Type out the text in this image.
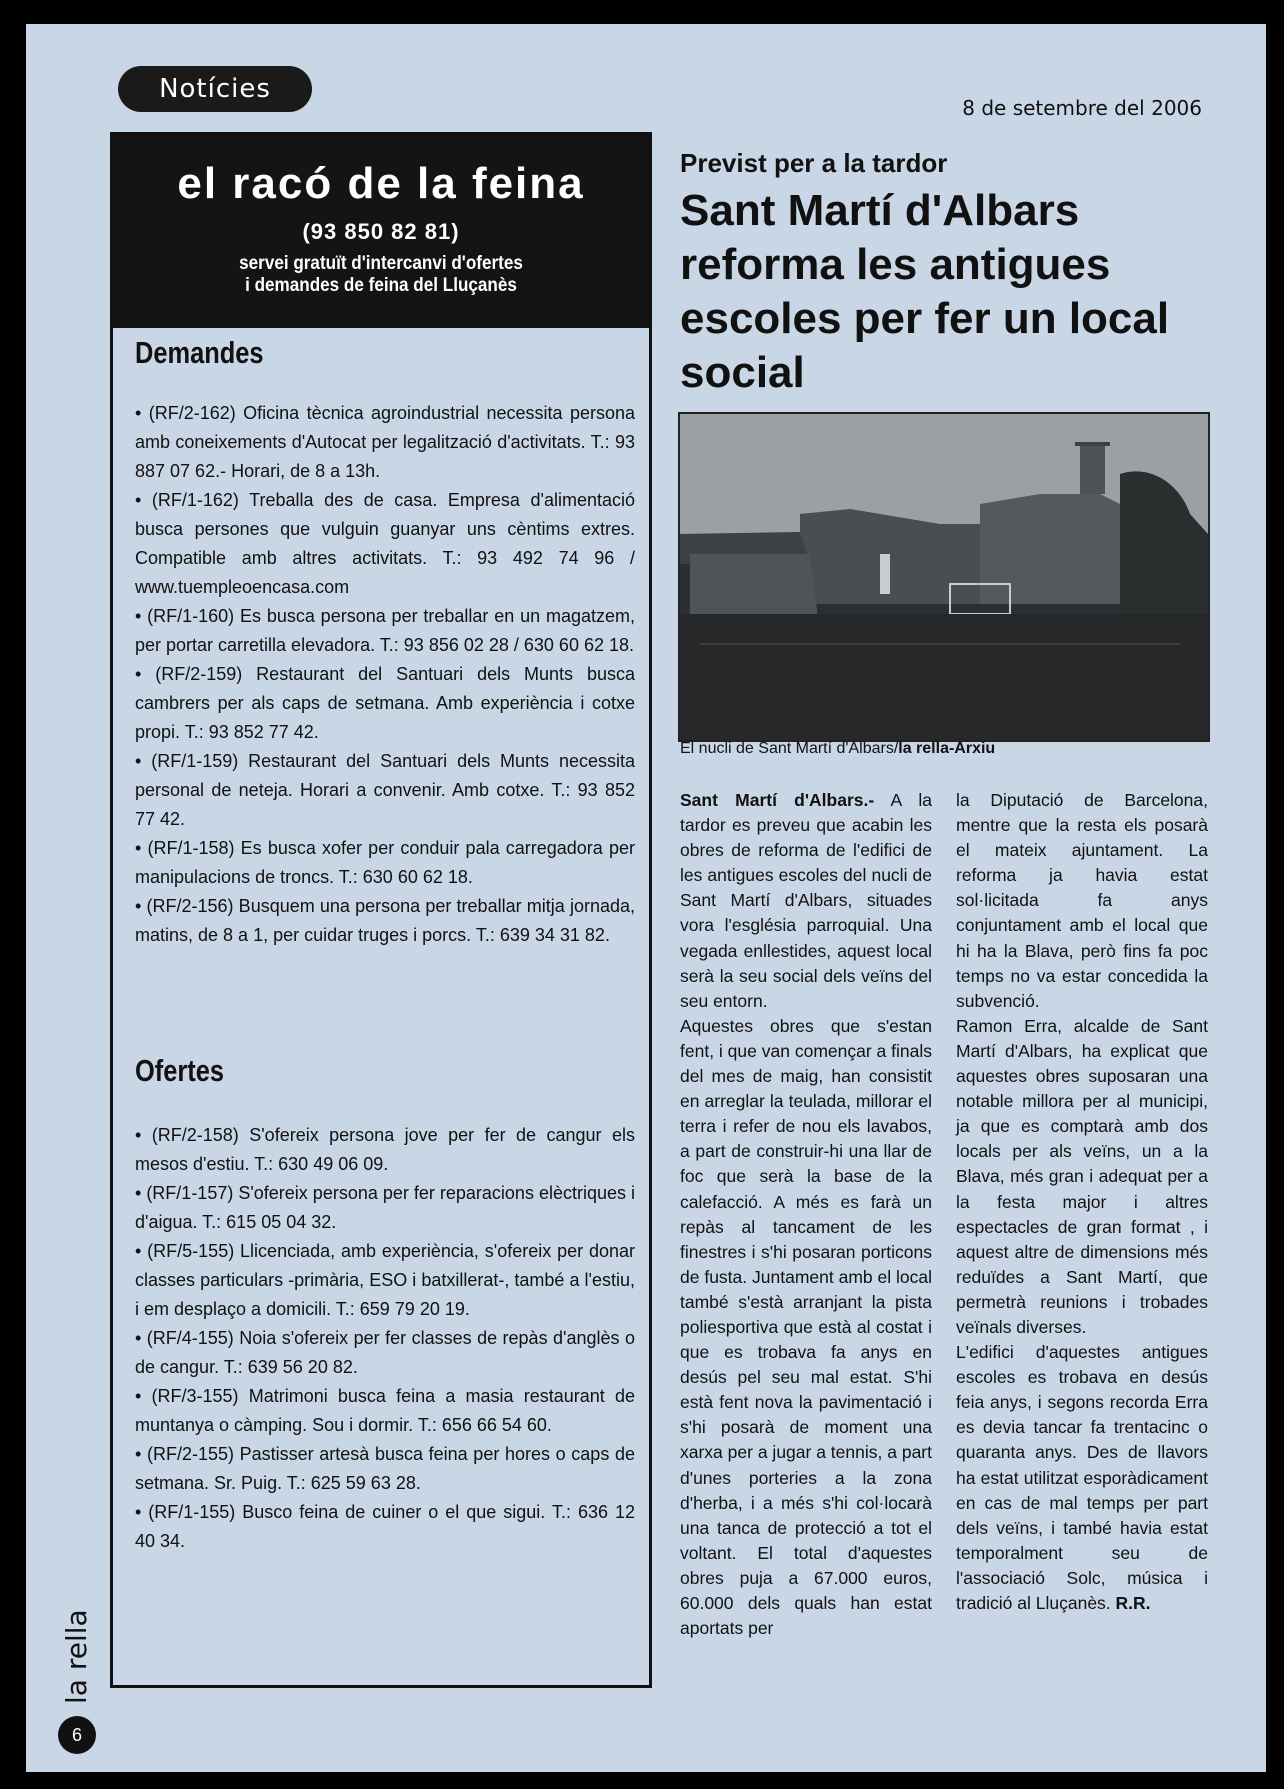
Notícies
8 de setembre del 2006
el racó de la feina
(93 850 82 81)
servei gratuït d'intercanvi d'ofertes
i demandes de feina del Lluçanès
Demandes

• (RF/2-162) Oficina tècnica agroindustrial necessita persona amb coneixements d'Autocat per legalització d'activitats. T.: 93 887 07 62.- Horari, de 8 a 13h.

• (RF/1-162) Treballa des de casa. Empresa d'alimentació busca persones que vulguin guanyar uns cèntims extres. Compatible amb altres activitats. T.: 93 492 74 96 / www.tuempleoencasa.com

• (RF/1-160) Es busca persona per treballar en un magatzem, per portar carretilla elevadora. T.: 93 856 02 28 / 630 60 62 18.

• (RF/2-159) Restaurant del Santuari dels Munts busca cambrers per als caps de setmana. Amb experiència i cotxe propi. T.: 93 852 77 42.

• (RF/1-159) Restaurant del Santuari dels Munts necessita personal de neteja. Horari a convenir. Amb cotxe. T.: 93 852 77 42.

• (RF/1-158) Es busca xofer per conduir pala carregadora per manipulacions de troncs. T.: 630 60 62 18.

• (RF/2-156) Busquem una persona per treballar mitja jornada, matins, de 8 a 1, per cuidar truges i porcs. T.: 639 34 31 82.

Ofertes

• (RF/2-158) S'ofereix persona jove per fer de cangur els mesos d'estiu. T.: 630 49 06 09.

• (RF/1-157) S'ofereix persona per fer reparacions elèctriques i d'aigua. T.: 615 05 04 32.

• (RF/5-155) Llicenciada, amb experiència, s'ofereix per donar classes particulars -primària, ESO i batxillerat-, també a l'estiu, i em desplaço a domicili. T.: 659 79 20 19.

• (RF/4-155) Noia s'ofereix per fer classes de repàs d'anglès o de cangur. T.: 639 56 20 82.

• (RF/3-155) Matrimoni busca feina a masia restaurant de muntanya o càmping. Sou i dormir. T.: 656 66 54 60.

• (RF/2-155) Pastisser artesà busca feina per hores o caps de setmana. Sr. Puig. T.: 625 59 63 28.

• (RF/1-155) Busco feina de cuiner o el que sigui. T.: 636 12 40 34.

Previst per a la tardor
Sant Martí d'Albars reforma les antigues escoles per fer un local social
El nucli de Sant Martí d'Albars/la rella-Arxiu

Sant Martí d'Albars.- A la tardor es preveu que acabin les obres de reforma de l'edifici de les antigues escoles del nucli de Sant Martí d'Albars, situades vora l'església parroquial. Una vegada enllestides, aquest local serà la seu social dels veïns del seu entorn.

Aquestes obres que s'estan fent, i que van començar a finals del mes de maig, han consistit en arreglar la teulada, millorar el terra i refer de nou els lavabos, a part de construir-hi una llar de foc que serà la base de la calefacció. A més es farà un repàs al tancament de les finestres i s'hi posaran porticons de fusta. Juntament amb el local també s'està arranjant la pista poliesportiva que està al costat i que es trobava fa anys en desús pel seu mal estat. S'hi està fent nova la pavimentació i s'hi posarà de moment una xarxa per a jugar a tennis, a part d'unes porteries a la zona d'herba, i a més s'hi col·locarà una tanca de protecció a tot el voltant. El total d'aquestes obres puja a 67.000 euros, 60.000 dels quals han estat aportats per

la Diputació de Barcelona, mentre que la resta els posarà el mateix ajuntament. La reforma ja havia estat sol·licitada fa anys conjuntament amb el local que hi ha la Blava, però fins fa poc temps no va estar concedida la subvenció.

Ramon Erra, alcalde de Sant Martí d'Albars, ha explicat que aquestes obres suposaran una notable millora per al municipi, ja que es comptarà amb dos locals per als veïns, un a la Blava, més gran i adequat per a la festa major i altres espectacles de gran format , i aquest altre de dimensions més reduïdes a Sant Martí, que permetrà reunions i trobades veïnals diverses.

L'edifici d'aquestes antigues escoles es trobava en desús feia anys, i segons recorda Erra es devia tancar fa trentacinc o quaranta anys. Des de llavors ha estat utilitzat esporàdicament en cas de mal temps per part dels veïns, i també havia estat temporalment seu de l'associació Solc, música i tradició al Lluçanès. R.R.

la rella
6
